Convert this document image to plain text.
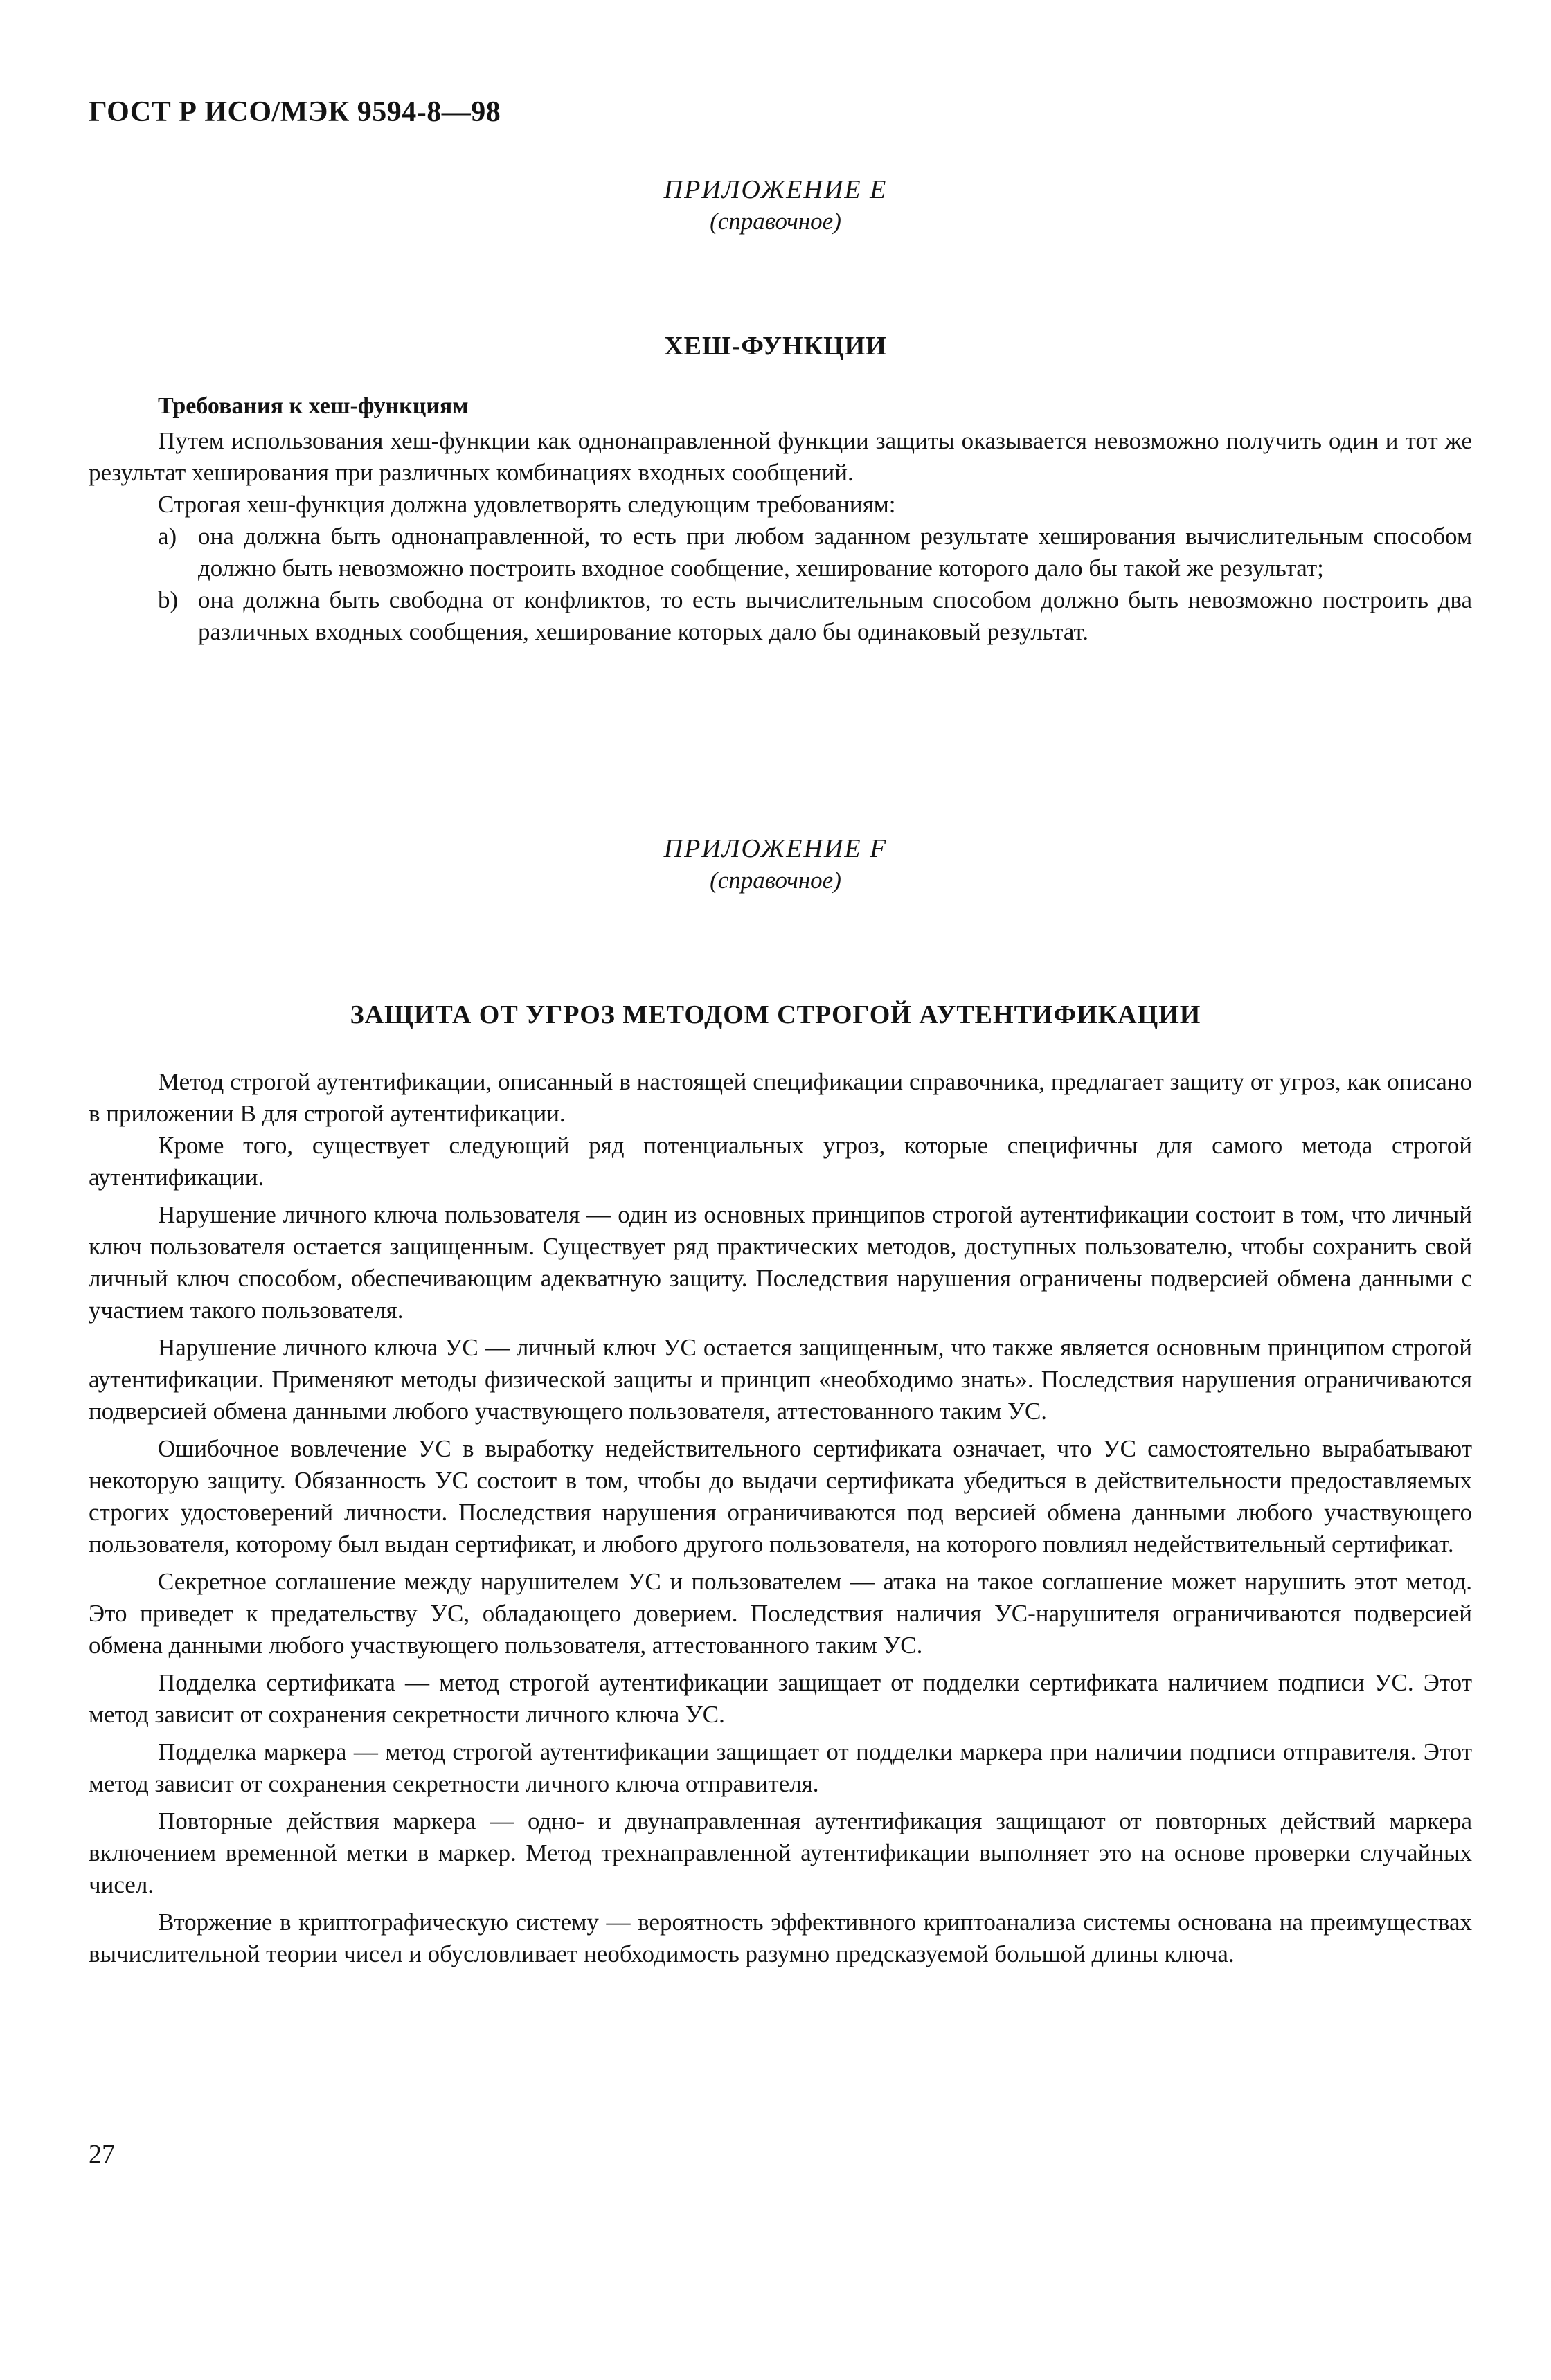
ГОСТ Р ИСО/МЭК 9594-8—98
ПРИЛОЖЕНИЕ Е
(справочное)
ХЕШ-ФУНКЦИИ
Требования к хеш-функциям

Путем использования хеш-функции как однонаправленной функции защиты оказывается невозможно получить один и тот же результат хеширования при различных комбинациях входных сообщений.

Строгая хеш-функция должна удовлетворять следующим требованиям:

a) она должна быть однонаправленной, то есть при любом заданном результате хеширования вычислительным способом должно быть невозможно построить входное сообщение, хеширование которого дало бы такой же результат;
b) она должна быть свободна от конфликтов, то есть вычислительным способом должно быть невозможно построить два различных входных сообщения, хеширование которых дало бы одинаковый результат.
ПРИЛОЖЕНИЕ F
(справочное)
ЗАЩИТА ОТ УГРОЗ МЕТОДОМ СТРОГОЙ АУТЕНТИФИКАЦИИ

Метод строгой аутентификации, описанный в настоящей спецификации справочника, предлагает защиту от угроз, как описано в приложении В для строгой аутентификации.

Кроме того, существует следующий ряд потенциальных угроз, которые специфичны для самого метода строгой аутентификации.

Нарушение личного ключа пользователя — один из основных принципов строгой аутентификации состоит в том, что личный ключ пользователя остается защищенным. Существует ряд практических методов, доступных пользователю, чтобы сохранить свой личный ключ способом, обеспечивающим адекватную защиту. Последствия нарушения ограничены подверсией обмена данными с участием такого пользователя.

Нарушение личного ключа УС — личный ключ УС остается защищенным, что также является основным принципом строгой аутентификации. Применяют методы физической защиты и принцип «необходимо знать». Последствия нарушения ограничиваются подверсией обмена данными любого участвующего пользователя, аттестованного таким УС.

Ошибочное вовлечение УС в выработку недействительного сертификата означает, что УС самостоятельно вырабатывают некоторую защиту. Обязанность УС состоит в том, чтобы до выдачи сертификата убедиться в действительности предоставляемых строгих удостоверений личности. Последствия нарушения ограничиваются под версией обмена данными любого участвующего пользователя, которому был выдан сертификат, и любого другого пользователя, на которого повлиял недействительный сертификат.

Секретное соглашение между нарушителем УС и пользователем — атака на такое соглашение может нарушить этот метод. Это приведет к предательству УС, обладающего доверием. Последствия наличия УС-нарушителя ограничиваются подверсией обмена данными любого участвующего пользователя, аттестованного таким УС.

Подделка сертификата — метод строгой аутентификации защищает от подделки сертификата наличием подписи УС. Этот метод зависит от сохранения секретности личного ключа УС.

Подделка маркера — метод строгой аутентификации защищает от подделки маркера при наличии подписи отправителя. Этот метод зависит от сохранения секретности личного ключа отправителя.

Повторные действия маркера — одно- и двунаправленная аутентификация защищают от повторных действий маркера включением временной метки в маркер. Метод трехнаправленной аутентификации выполняет это на основе проверки случайных чисел.

Вторжение в криптографическую систему — вероятность эффективного криптоанализа системы основана на преимуществах вычислительной теории чисел и обусловливает необходимость разумно предсказуемой большой длины ключа.

27
